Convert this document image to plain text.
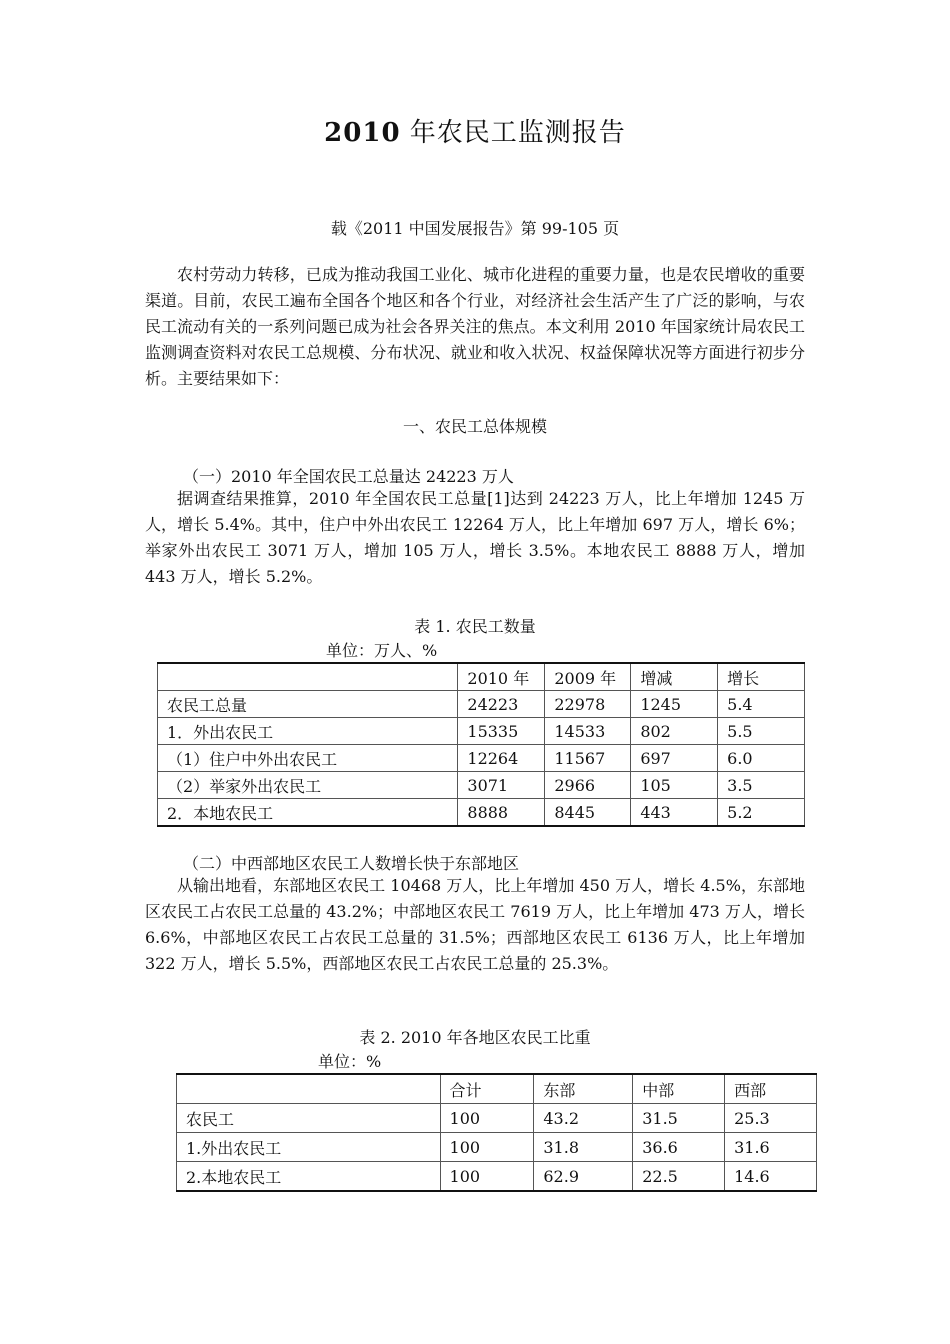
2010 年农民工监测报告
载《2011 中国发展报告》第 99-105 页

农村劳动力转移，已成为推动我国工业化、城市化进程的重要力量，也是农民增收的重要渠道。目前，农民工遍布全国各个地区和各个行业，对经济社会生活产生了广泛的影响，与农民工流动有关的一系列问题已成为社会各界关注的焦点。本文利用 2010 年国家统计局农民工监测调查资料对农民工总规模、分布状况、就业和收入状况、权益保障状况等方面进行初步分析。主要结果如下：

一、农民工总体规模
（一）2010 年全国农民工总量达 24223 万人

据调查结果推算，2010 年全国农民工总量[1]达到 24223 万人，比上年增加 1245 万人，增长 5.4%。其中，住户中外出农民工 12264 万人，比上年增加 697 万人，增长 6%；举家外出农民工 3071 万人，增加 105 万人，增长 3.5%。本地农民工 8888 万人，增加 443 万人，增长 5.2%。

表 1. 农民工数量
单位：万人、%
	2010 年	2009 年	增减	增长
农民工总量	24223	22978	1245	5.4
1．外出农民工	15335	14533	802	5.5
（1）住户中外出农民工	12264	11567	697	6.0
（2）举家外出农民工	3071	2966	105	3.5
2．本地农民工	8888	8445	443	5.2
（二）中西部地区农民工人数增长快于东部地区

从输出地看，东部地区农民工 10468 万人，比上年增加 450 万人，增长 4.5%，东部地区农民工占农民工总量的 43.2%；中部地区农民工 7619 万人，比上年增加 473 万人，增长 6.6%，中部地区农民工占农民工总量的 31.5%；西部地区农民工 6136 万人，比上年增加 322 万人，增长 5.5%，西部地区农民工占农民工总量的 25.3%。

表 2. 2010 年各地区农民工比重
单位：%
	合计	东部	中部	西部
农民工	100	43.2	31.5	25.3
1.外出农民工	100	31.8	36.6	31.6
2.本地农民工	100	62.9	22.5	14.6
